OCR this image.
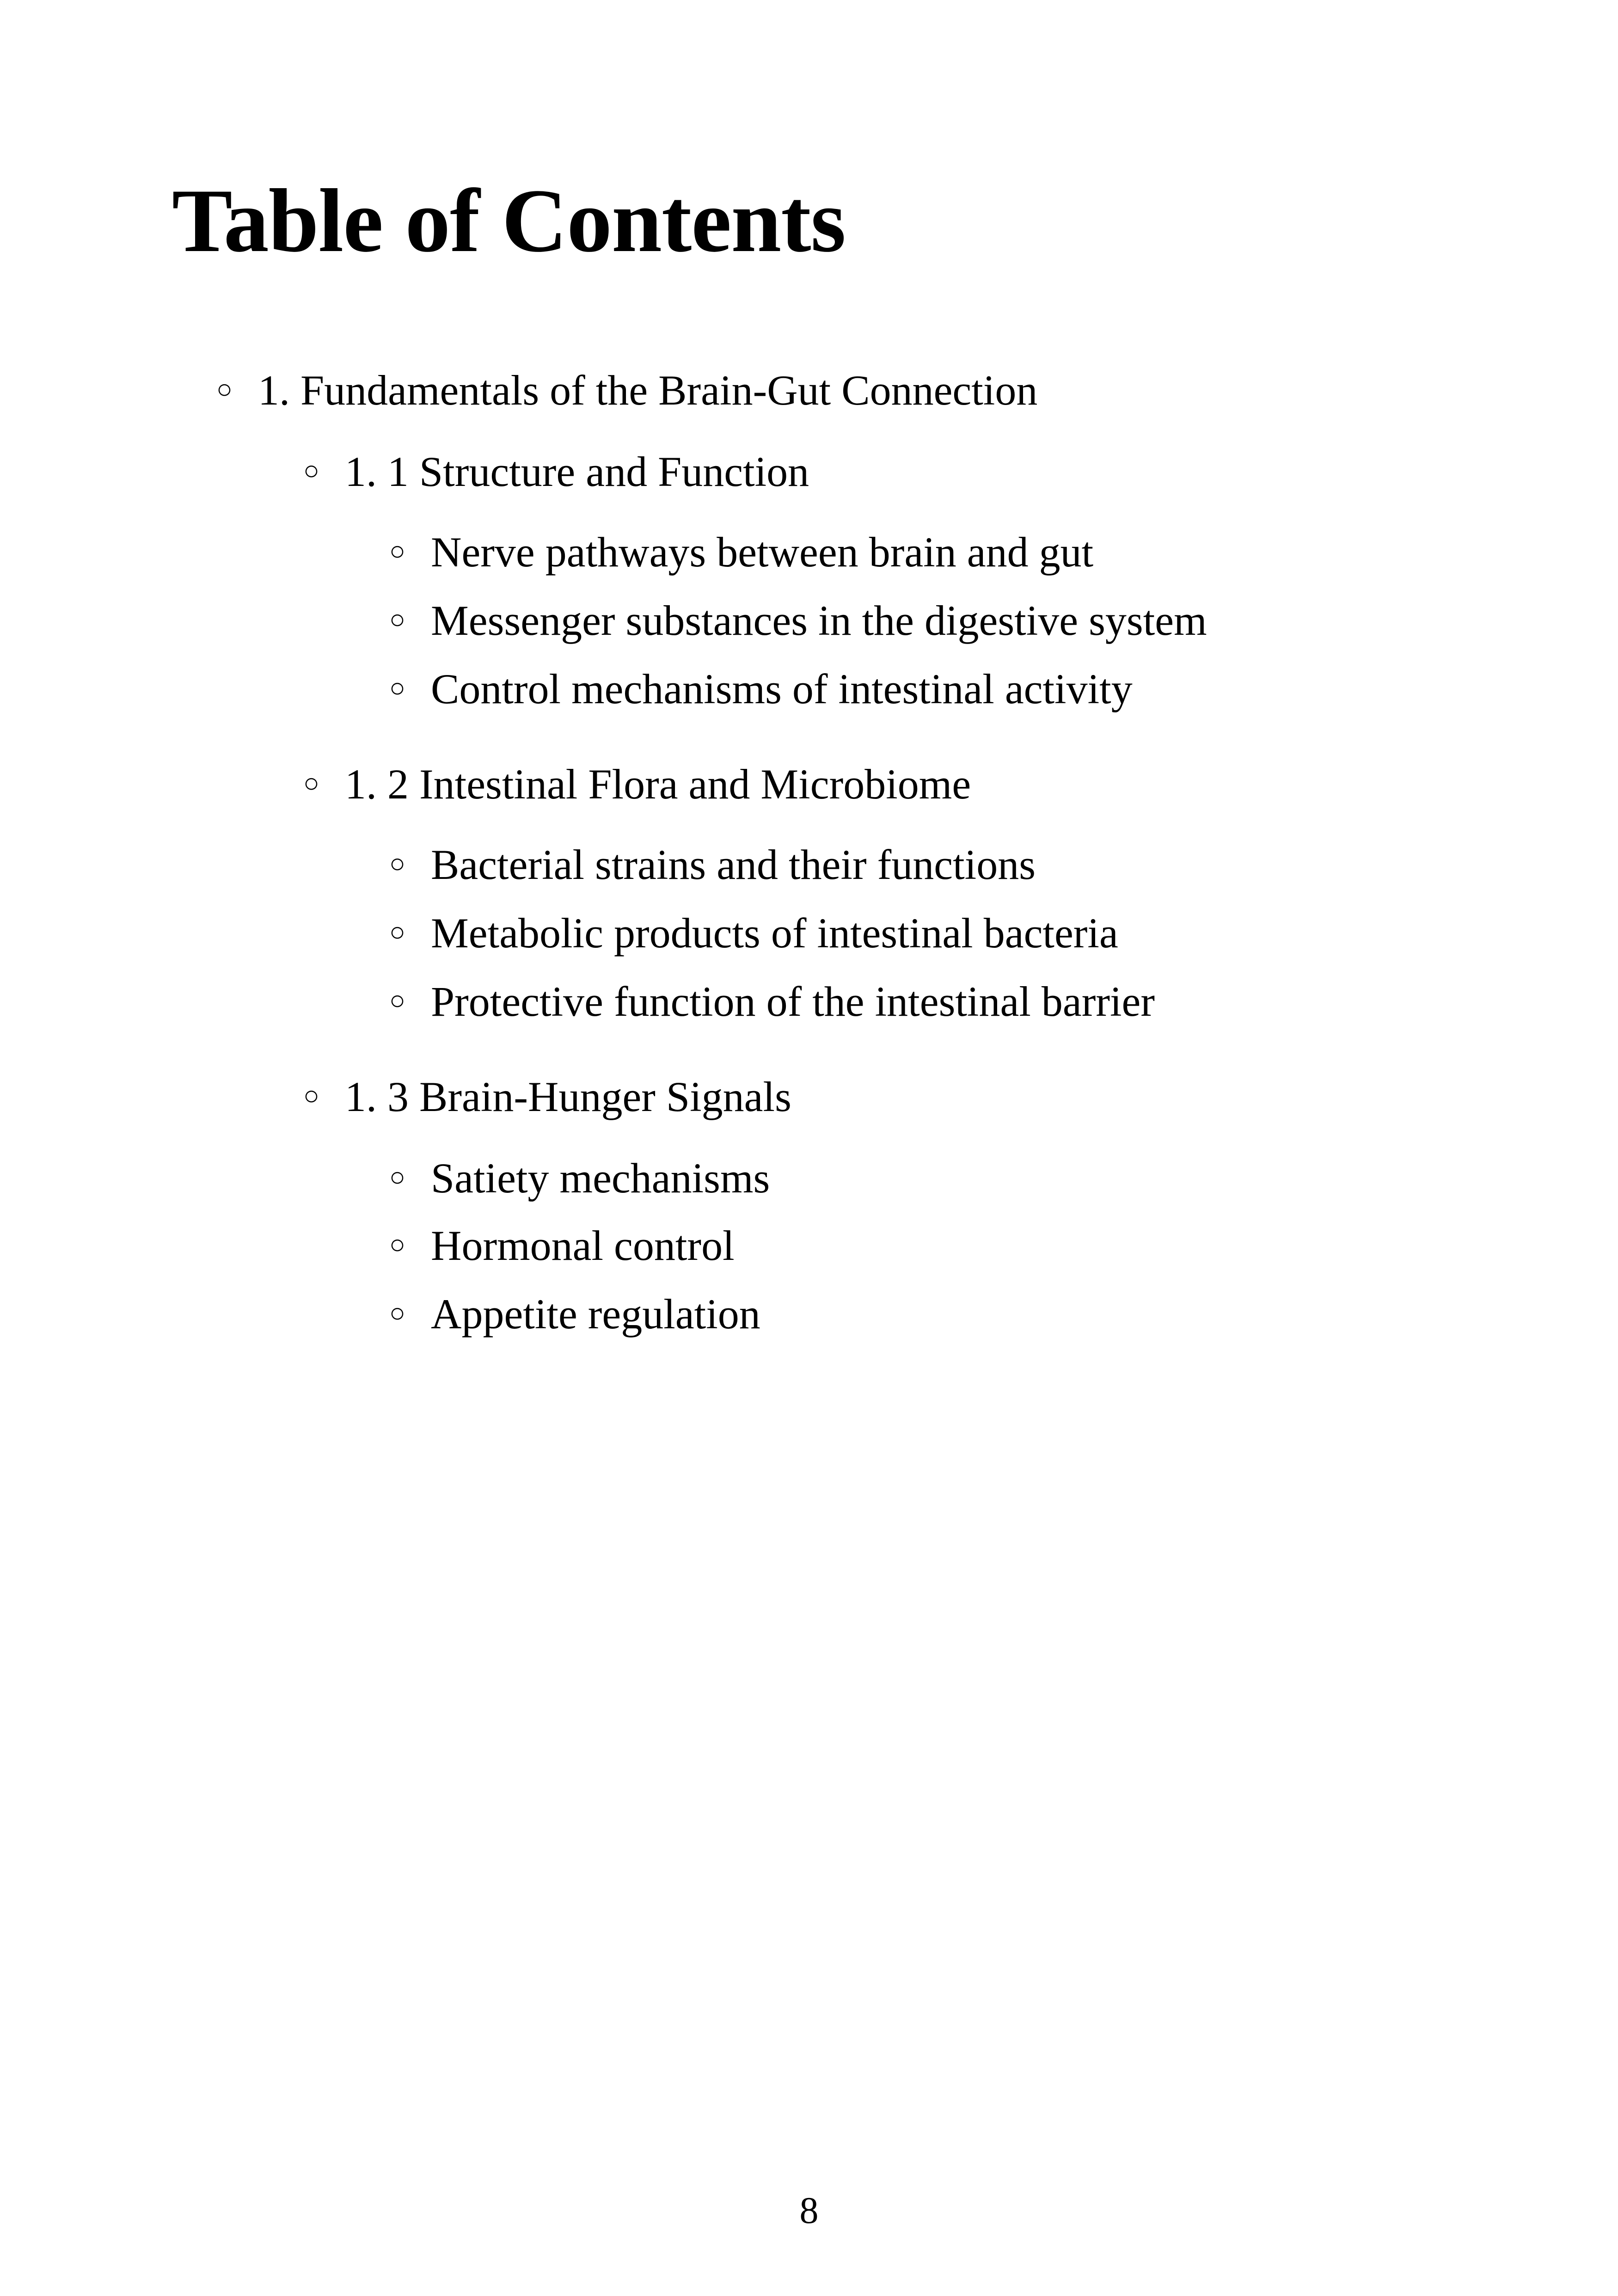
Table of Contents
○ 1. Fundamentals of the Brain-Gut Connection
○ 1. 1 Structure and Function
○ Nerve pathways between brain and gut
○ Messenger substances in the digestive system
○ Control mechanisms of intestinal activity
○ 1. 2 Intestinal Flora and Microbiome
○ Bacterial strains and their functions
○ Metabolic products of intestinal bacteria
○ Protective function of the intestinal barrier
○ 1. 3 Brain-Hunger Signals
○ Satiety mechanisms
○ Hormonal control
○ Appetite regulation
8
